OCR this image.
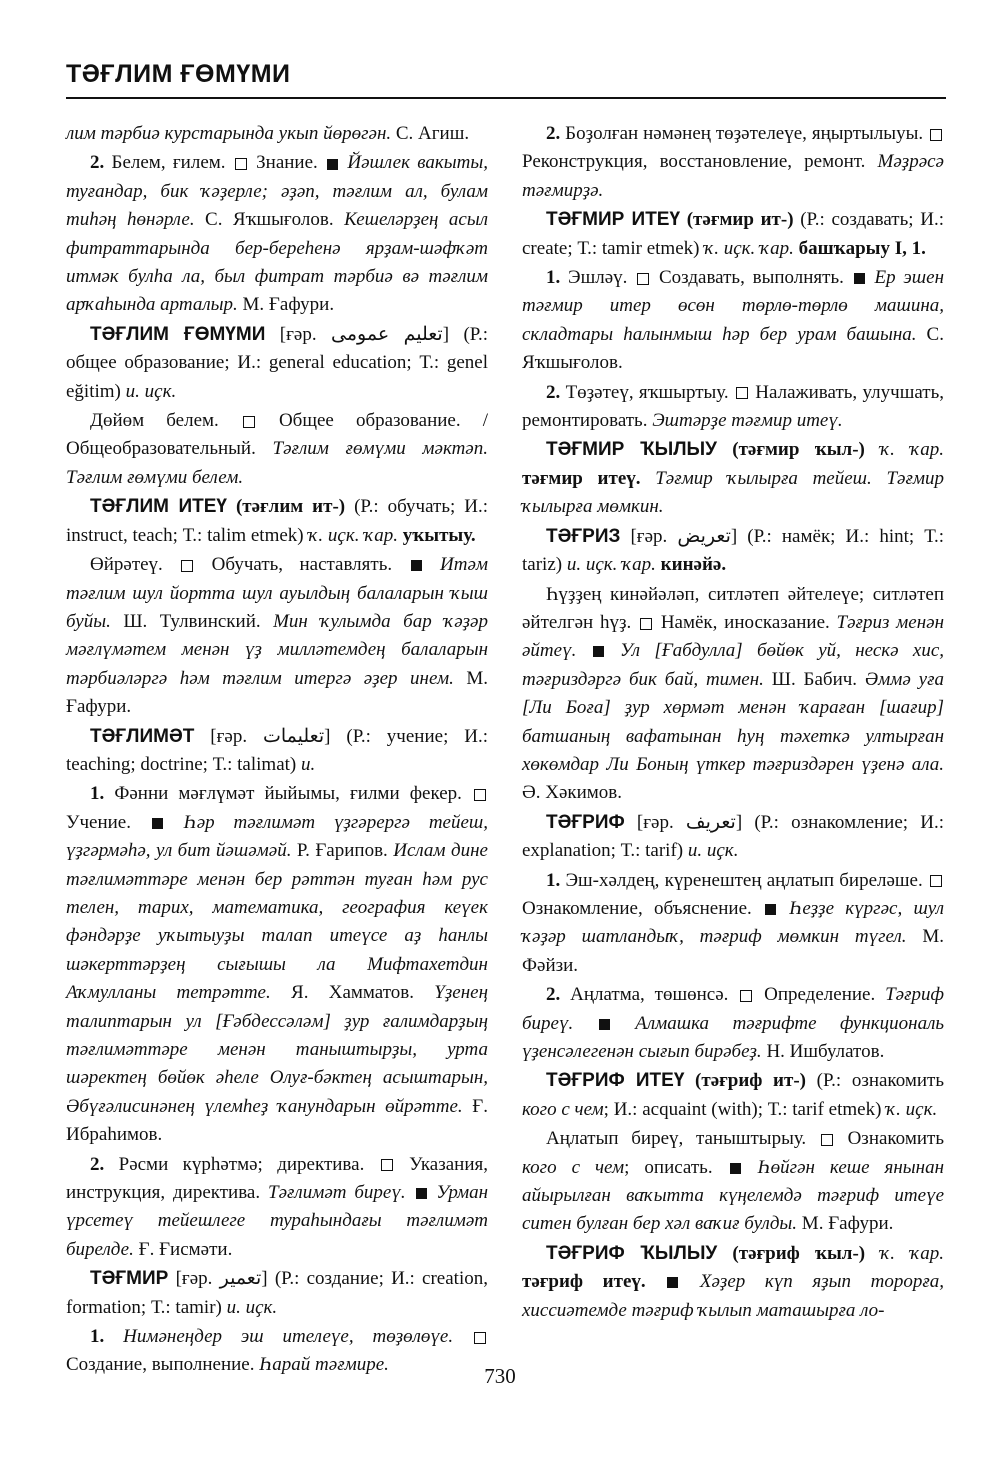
ТӘҒЛИМ ҒӨМҮМИ

лим тәрбиә курстарында укып йөрөгән. С. Агиш.

2. Белем, ғилем.  Знание.  Йәшлек вакыты, туғандар, бик ҡәҙерле; әҙәп, тәғлим ал, булам тиһәң һөнәрле. С. Яҡшығолов. Кешеләрҙең асыл фитраттарында бер-береһенә ярҙам-шәфҡәт итмәк булһа ла, был фитрат тәрбиә вә тәғлим арҡаһында арталыр. М. Ғафури.

ТӘҒЛИМ ҒӨМҮМИ [ғәр. تعليم عمومى] (Р.: общее образование; И.: general education; Т.: genel eğitim) и. иҫк.

Дөйөм белем.  Общее образование. / Общеобразовательный. Тәғлим ғөмүми мәктәп. Тәғлим ғөмүми белем.

ТӘҒЛИМ ИТЕҮ (тәғлим ит-) (Р.: обучать; И.: instruct, teach; Т.: talim etmek) ҡ. иҫк. ҡар. уҡытыу.

Өйрәтеү.  Обучать, наставлять.  Итәм тәғлим шул йортта шул ауылдың балаларын ҡыш буйы. Ш. Тулвинский. Мин ҡулымда бар ҡәҙәр мәғлүмәтем менән үҙ милләтемдең балаларын тәрбиәләргә һәм тәғлим итергә әҙер инем. М. Ғафури.

ТӘҒЛИМӘТ [ғәр. تعليمات] (Р.: учение; И.: teaching; doctrine; Т.: talimat) и.

1. Фәнни мәғлүмәт йыйымы, ғилми фекер.  Учение.  Һәр тәғлимәт үҙгәрергә тейеш, үҙгәрмәһә, ул бит йәшәмәй. Р. Ғарипов. Ислам дине тәғлимәттәре менән бер рәттән туған һәм рус телен, тарих, математика, география кеүек фәндәрҙе уҡытыуҙы талап итеүсе аҙ һанлы шәкерттәрҙең сығышы ла Мифтахетдин Аҡмулланы тетрәтте. Я. Хамматов. Үҙенең талиптарын ул [Ғәбдессәләм] ҙур ғалимдарҙың тәғлимәттәре менән таныштырҙы, урта шәректең бөйөк әһеле Олуғ-бәктең асыштарын, Әбүғәлисинәнең үлемһеҙ ҡанундарын өйрәтте. Ғ. Ибраһимов.

2. Рәсми күрһәтмә; директива.  Указания, инструкция, директива. Тәғлимәт биреү. Урман үрсетеү тейешлеге тураһындағы тәғлимәт бирелде. Ғ. Ғисмәти.

ТӘҒМИР [ғәр. تعمير] (Р.: создание; И.: creation, formation; Т.: tamir) и. иҫк.

1. Нимәнеңдер эш ителеүе, төҙөлөүе.  Создание, выполнение. Һарай тәғмире.

2. Боҙолған нәмәнең төҙәтелеүе, яңыртылыуы.  Реконструкция, восстановление, ремонт. Мәҙрәсә тәғмирҙә.

ТӘҒМИР ИТЕҮ (тәғмир ит-) (Р.: создавать; И.: create; Т.: tamir etmek) ҡ. иҫк. ҡар. башҡарыу I, 1.

1. Эшләү.  Создавать, выполнять.  Ер эшен тәғмир итер өсөн төрлө-төрлө машина, складтары һалынмыш һәр бер урам башына. С. Яҡшығолов.

2. Төҙәтеү, яҡшыртыу.  Налаживать, улучшать, ремонтировать. Эштәрҙе тәғмир итеү.

ТӘҒМИР ҠЫЛЫУ (тәғмир ҡыл-) ҡ. ҡар. тәғмир итеү. Тәғмир ҡылырға тейеш. Тәғмир ҡылырға мөмкин.

ТӘҒРИЗ [ғәр. تعريض] (Р.: намёк; И.: hint; Т.: tariz) и. иҫк. ҡар. кинәйә.

Һүҙҙең кинәйәләп, ситләтеп әйтелеүе; ситләтеп әйтелгән һүҙ.  Намёк, иносказание. Тәғриз менән әйтеү. Ул [Ғабдулла] бөйөк уй, нескә хис, тәғриздәргә бик бай, тимен. Ш. Бабич. Әммә уға [Ли Боға] ҙур хөрмәт менән ҡараған [шағир] батшаның вафатынан һуң тәхеткә ултырған хөкөмдар Ли Боның үткер тәғриздәрен үҙенә ала. Ә. Хәкимов.

ТӘҒРИФ [ғәр. تعريف] (Р.: ознакомление; И.: explanation; Т.: tarif) и. иҫк.

1. Эш-хәлдең, күренештең аңлатып биреләше.  Ознакомление, объяснение.  Һеҙҙе күргәс, шул ҡәҙәр шатландыҡ, тәғриф мөмкин түгел. М. Фәйзи.

2. Аңлатма, төшөнсә.  Определение. Тәғриф биреү.	Алмашка тәғрифте функциональ үҙенсәлегенән сығып бирәбеҙ. Н. Ишбулатов.

ТӘҒРИФ ИТЕҮ (тәғриф ит-) (Р.: ознакомить кого с чем; И.: acquaint (with); Т.: tarif etmek) ҡ. иҫк.

Аңлатып биреү, таныштырыу.  Ознакомить кого с чем; описать.  Һөйгән кеше янынан айырылған ваҡытта күңелемдә тәғриф итеүе ситен булған бер хәл ваҡиғ булды. М. Ғафури.

ТӘҒРИФ ҠЫЛЫУ (тәғриф ҡыл-) ҡ. ҡар. тәғриф итеү.	Хәҙер күп яҙып торорға, хиссиәтемде тәғриф ҡылып маташырға ло-

730
